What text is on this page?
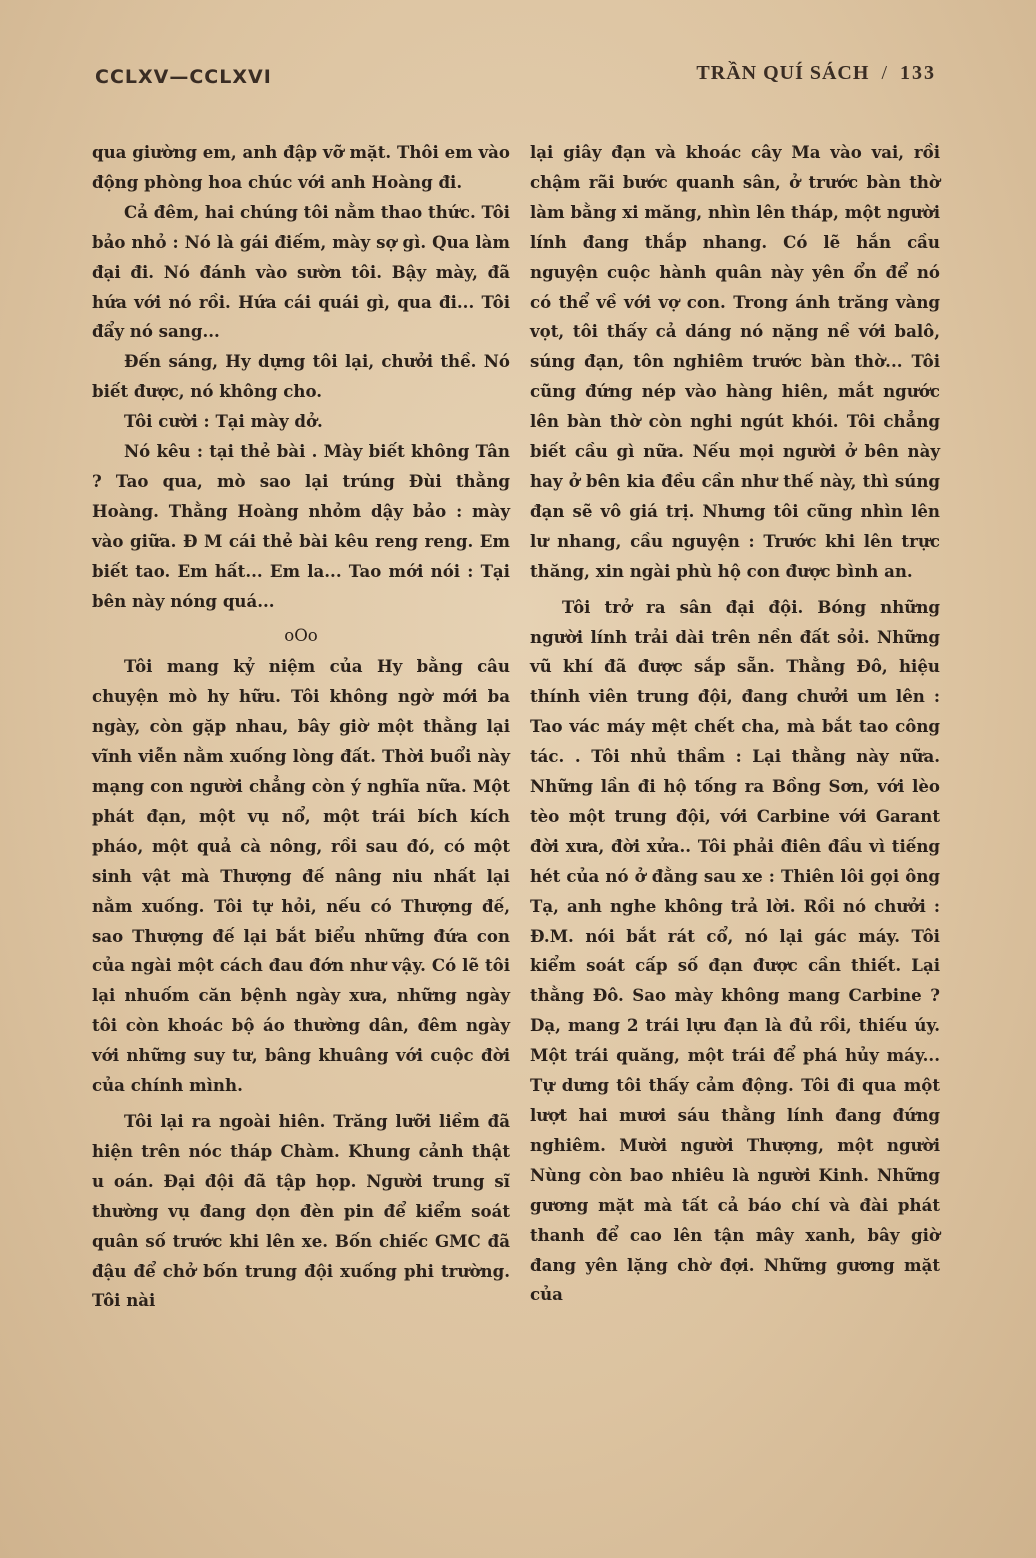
CCLXV—CCLXVI	TRẦN QUÍ SÁCH / 133

qua giường em, anh đập vỡ mặt. Thôi em vào động phòng hoa chúc với anh Hoàng đi.

Cả đêm, hai chúng tôi nằm thao thức. Tôi bảo nhỏ : Nó là gái điếm, mày sợ gì. Qua làm đại đi. Nó đánh vào sườn tôi. Bậy mày, đã hứa với nó rồi. Hứa cái quái gì, qua đi... Tôi đẩy nó sang...

Đến sáng, Hy dựng tôi lại, chưởi thề. Nó biết được, nó không cho.

Tôi cười : Tại mày dở.

Nó kêu : tại thẻ bài . Mày biết không Tân ? Tao qua, mò sao lại trúng Đùi thằng Hoàng. Thằng Hoàng nhỏm dậy bảo : mày vào giữa. Đ M cái thẻ bài kêu reng reng. Em biết tao. Em hất... Em la... Tao mới nói : Tại bên này nóng quá...

oOo

Tôi mang kỷ niệm của Hy bằng câu chuyện mò hy hữu. Tôi không ngờ mới ba ngày, còn gặp nhau, bây giờ một thằng lại vĩnh viễn nằm xuống lòng đất. Thời buổi này mạng con người chẳng còn ý nghĩa nữa. Một phát đạn, một vụ nổ, một trái bích kích pháo, một quả cà nông, rồi sau đó, có một sinh vật mà Thượng đế nâng niu nhất lại nằm xuống. Tôi tự hỏi, nếu có Thượng đế, sao Thượng đế lại bắt biểu những đứa con của ngài một cách đau đớn như vậy. Có lẽ tôi lại nhuốm căn bệnh ngày xưa, những ngày tôi còn khoác bộ áo thường dân, đêm ngày với những suy tư, bâng khuâng với cuộc đời của chính mình.

Tôi lại ra ngoài hiên. Trăng lưỡi liềm đã hiện trên nóc tháp Chàm. Khung cảnh thật u oán. Đại đội đã tập họp. Người trung sĩ thường vụ đang dọn đèn pin để kiểm soát quân số trước khi lên xe. Bốn chiếc GMC đã đậu để chở bốn trung đội xuống phi trường. Tôi nài

lại giây đạn và khoác cây Ma vào vai, rồi chậm rãi bước quanh sân, ở trước bàn thờ làm bằng xi măng, nhìn lên tháp, một người lính đang thắp nhang. Có lẽ hắn cầu nguyện cuộc hành quân này yên ổn để nó có thể về với vợ con. Trong ánh trăng vàng vọt, tôi thấy cả dáng nó nặng nề với balô, súng đạn, tôn nghiêm trước bàn thờ... Tôi cũng đứng nép vào hàng hiên, mắt ngước lên bàn thờ còn nghi ngút khói. Tôi chẳng biết cầu gì nữa. Nếu mọi người ở bên này hay ở bên kia đều cần như thế này, thì súng đạn sẽ vô giá trị. Nhưng tôi cũng nhìn lên lư nhang, cầu nguyện : Trước khi lên trực thăng, xin ngài phù hộ con được bình an.

Tôi trở ra sân đại đội. Bóng những người lính trải dài trên nền đất sỏi. Những vũ khí đã được sắp sẵn. Thằng Đô, hiệu thính viên trung đội, đang chưởi um lên : Tao vác máy mệt chết cha, mà bắt tao công tác. . Tôi nhủ thầm : Lại thằng này nữa. Những lần đi hộ tống ra Bồng Sơn, với lèo tèo một trung đội, với Carbine với Garant đời xưa, đời xửa.. Tôi phải điên đầu vì tiếng hét của nó ở đằng sau xe : Thiên lôi gọi ông Tạ, anh nghe không trả lời. Rồi nó chưởi : Đ.M. nói bắt rát cổ, nó lại gác máy. Tôi kiểm soát cấp số đạn được cần thiết. Lại thằng Đô. Sao mày không mang Carbine ? Dạ, mang 2 trái lựu đạn là đủ rồi, thiếu úy. Một trái quăng, một trái để phá hủy máy... Tự dưng tôi thấy cảm động. Tôi đi qua một lượt hai mươi sáu thằng lính đang đứng nghiêm. Mười người Thượng, một người Nùng còn bao nhiêu là người Kinh. Những gương mặt mà tất cả báo chí và đài phát thanh để cao lên tận mây xanh, bây giờ đang yên lặng chờ đợi. Những gương mặt của
